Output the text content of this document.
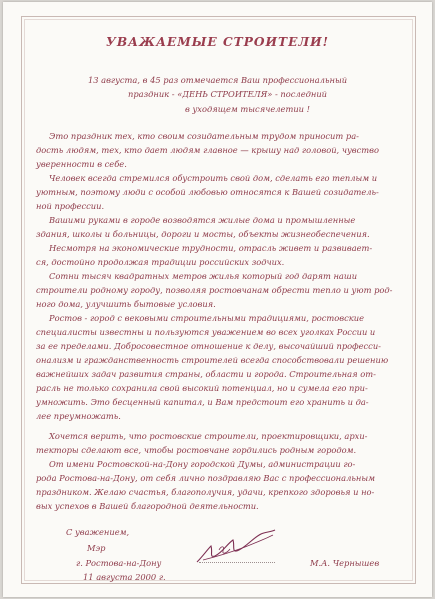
УВАЖАЕМЫЕ СТРОИТЕЛИ!
13 августа, в 45 раз отмечается Ваш профессиональный
праздник - «ДЕНЬ СТРОИТЕЛЯ» - последний
в уходящем тысячелетии !
Это праздник тех, кто своим созидательным трудом приносит ра-
дость людям, тех, кто дает людям главное — крышу над головой, чувство
уверенности в себе.
Человек всегда стремился обустроить свой дом, сделать его теплым и
уютным, поэтому люди с особой любовью относятся к Вашей созидатель-
ной профессии.
Вашими руками в городе возводятся жилые дома и промышленные
здания, школы и больницы, дороги и мосты, объекты жизнеобеспечения.
Несмотря на экономические трудности, отрасль живет и развивает-
ся, достойно продолжая традиции российских зодчих.
Сотни тысяч квадратных метров жилья который год дарят наши
строители родному городу, позволяя ростовчанам обрести тепло и уют род-
ного дома, улучшить бытовые условия.
Ростов - город с вековыми строительными традициями, ростовские
специалисты известны и пользуются уважением во всех уголках России и
за ее пределами. Добросовестное отношение к делу, высочайший професси-
онализм и гражданственность строителей всегда способствовали решению
важнейших задач развития страны, области и города. Строительная от-
расль не только сохранила свой высокий потенциал, но и сумела его при-
умножить. Это бесценный капитал, и Вам предстоит его хранить и да-
лее преумножать.
Хочется верить, что ростовские строители, проектировщики, архи-
текторы сделают все, чтобы ростовчане гордились родным городом.
От имени Ростовской-на-Дону городской Думы, администрации го-
рода Ростова-на-Дону, от себя лично поздравляю Вас с профессиональным
праздником. Желаю счастья, благополучия, удачи, крепкого здоровья и но-
вых успехов в Вашей благородной деятельности.
С уважением,
Мэр
г. Ростова-на-Дону
11 августа 2000 г.
М.А. Чернышев
